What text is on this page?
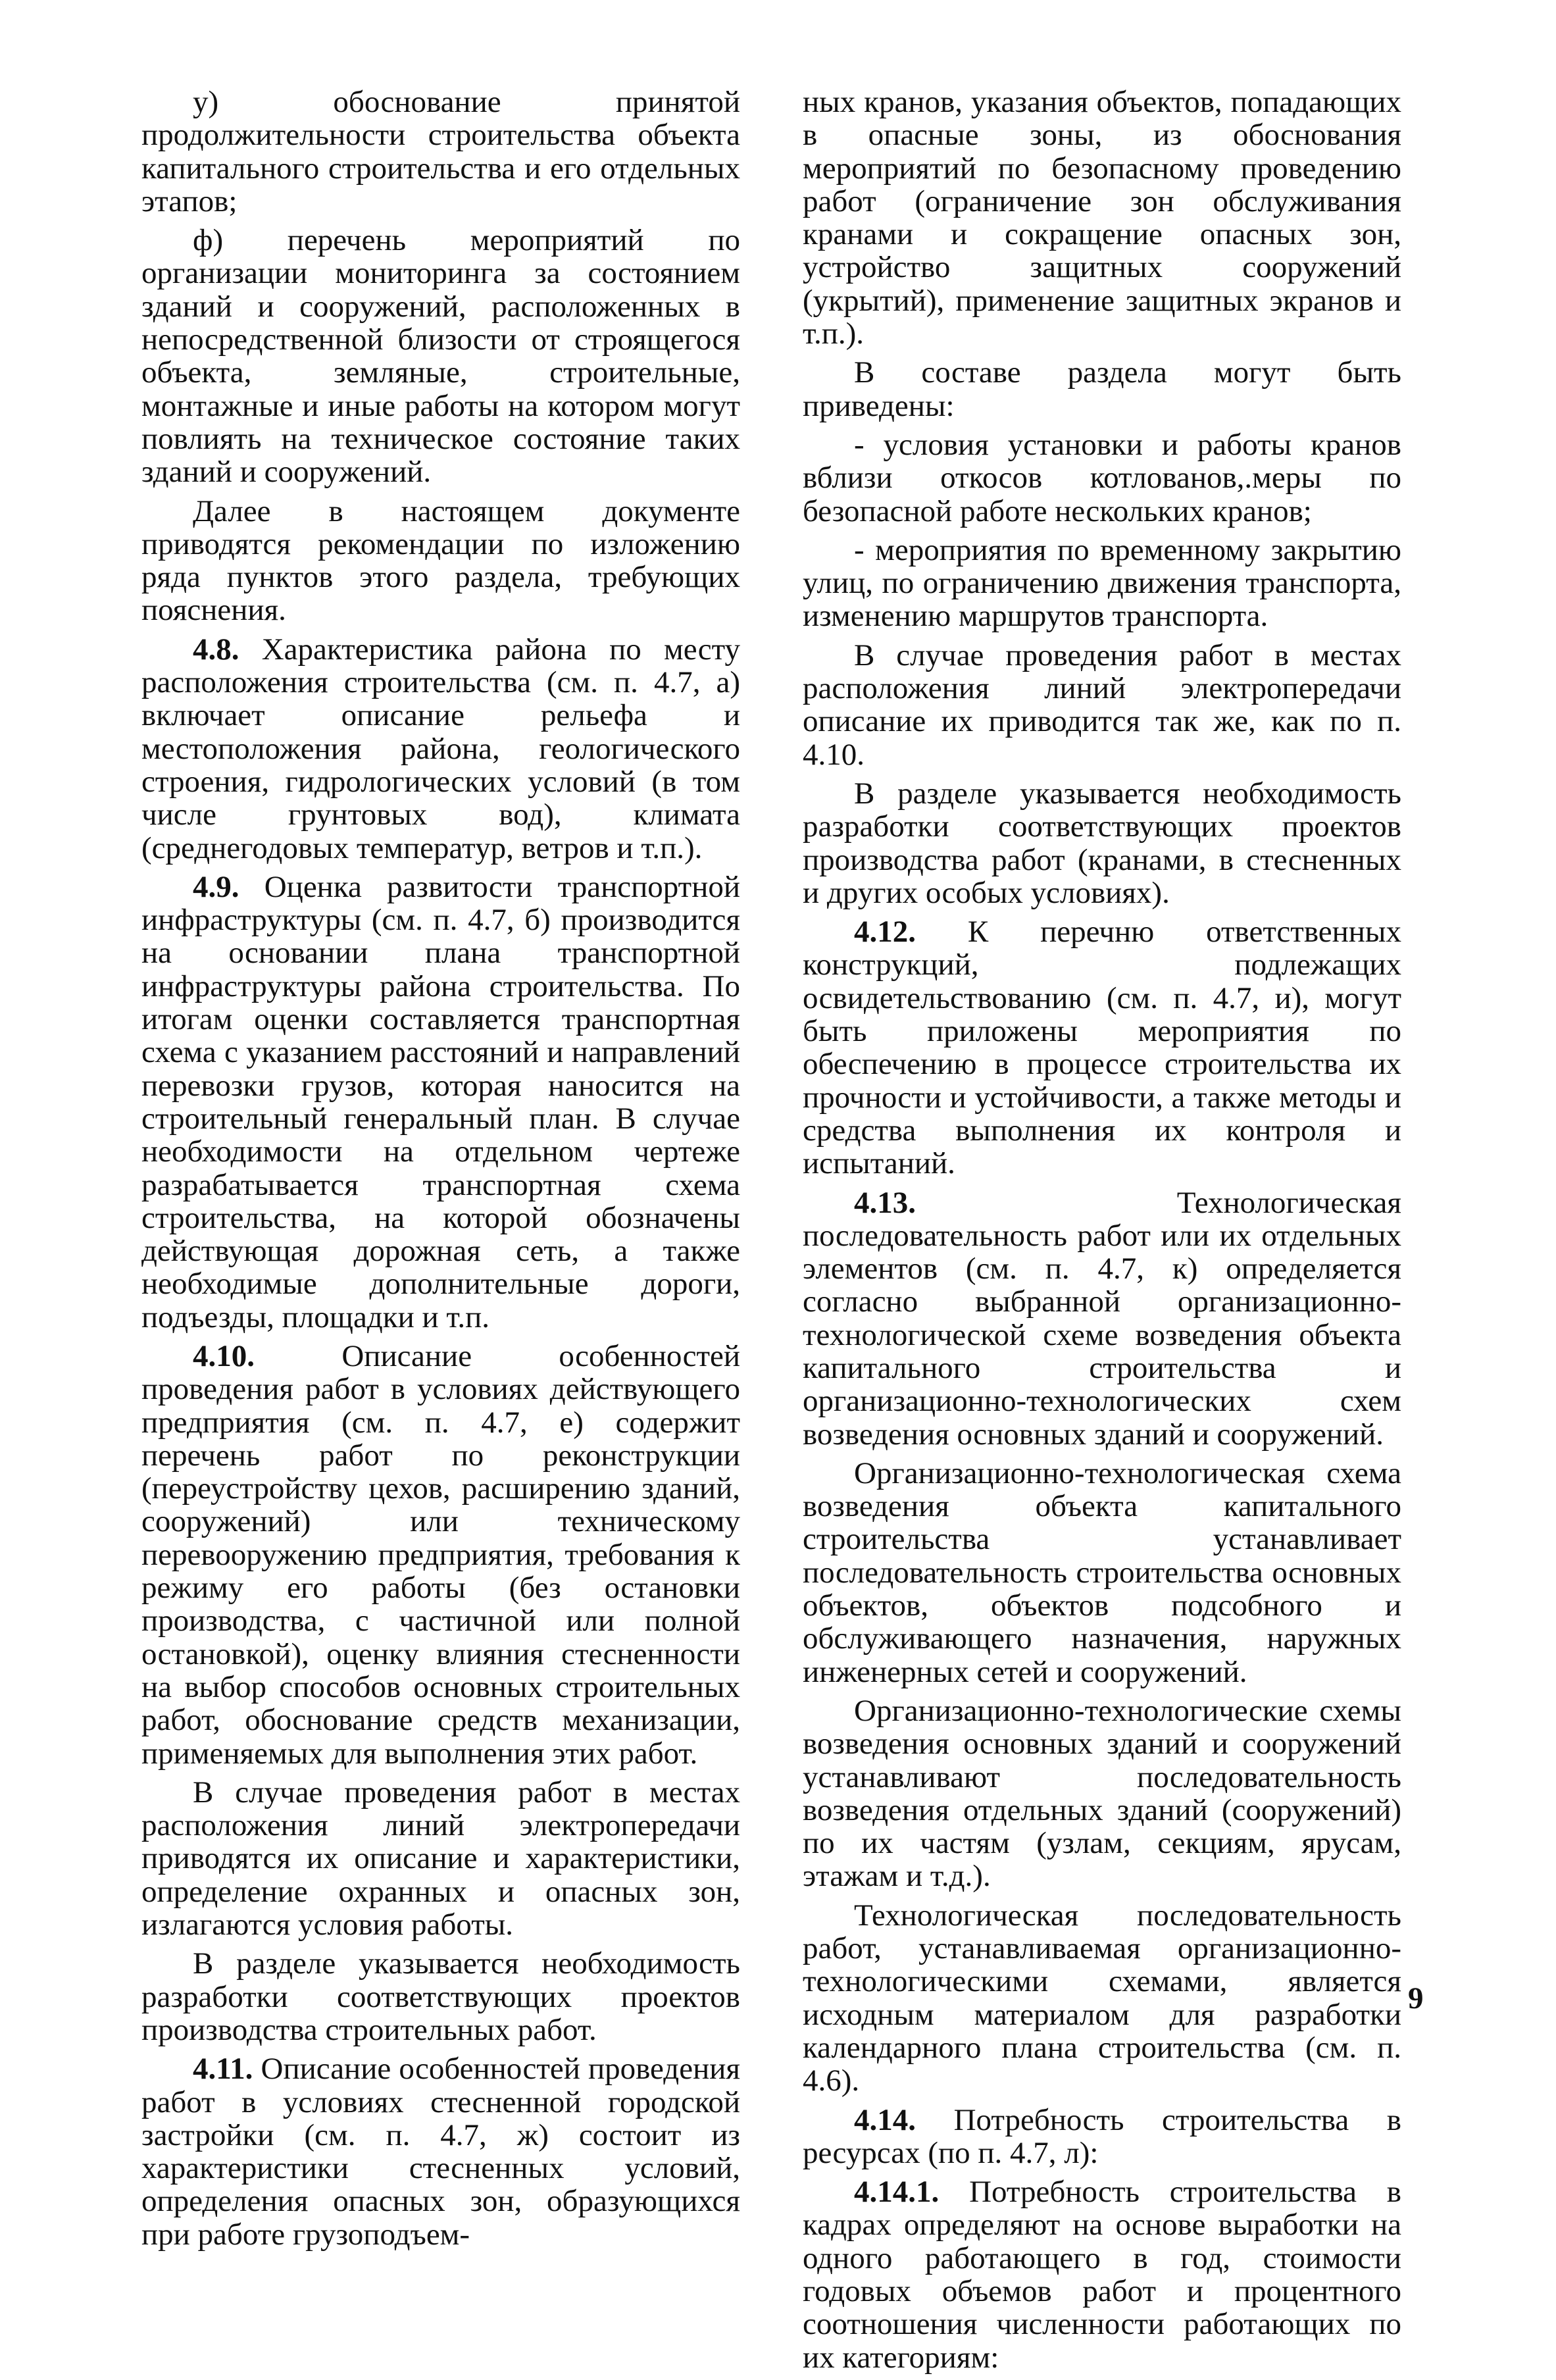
у) обоснование принятой продолжительности строительства объекта капитального строительства и его отдельных этапов;

ф) перечень мероприятий по организации мониторинга за состоянием зданий и сооружений, расположенных в непосредственной близости от строящегося объекта, земляные, строительные, монтажные и иные работы на котором могут повлиять на техническое состояние таких зданий и сооружений.

Далее в настоящем документе приводятся рекомендации по изложению ряда пунктов этого раздела, требующих пояснения.

4.8. Характеристика района по месту расположения строительства (см. п. 4.7, а) включает описание рельефа и местоположения района, геологического строения, гидрологических условий (в том числе грунтовых вод), климата (среднегодовых температур, ветров и т.п.).

4.9. Оценка развитости транспортной инфраструктуры (см. п. 4.7, б) производится на основании плана транспортной инфраструктуры района строительства. По итогам оценки составляется транспортная схема с указанием расстояний и направлений перевозки грузов, которая наносится на строительный генеральный план. В случае необходимости на отдельном чертеже разрабатывается транспортная схема строительства, на которой обозначены действующая дорожная сеть, а также необходимые дополнительные дороги, подъезды, площадки и т.п.

4.10.	Описание особенностей проведения работ в условиях действующего предприятия (см. п. 4.7, е) содержит перечень работ по реконструкции (переустройству цехов, расширению зданий, сооружений) или техническому перевооружению предприятия, требования к режиму его работы (без остановки производства, с частичной или полной остановкой), оценку влияния стесненности на выбор способов основных строительных работ, обоснование средств механизации, применяемых для выполнения этих работ.

В случае проведения работ в местах расположения линий электропередачи приводятся их описание и характеристики, определение охранных и опасных зон, излагаются условия работы.

В разделе указывается необходимость разработки соответствующих проектов производства строительных работ.

4.11. Описание особенностей проведения работ в условиях стесненной городской застройки (см. п. 4.7, ж) состоит из характеристики стесненных условий, определения опасных зон, образующихся при работе грузоподъем-

ных кранов, указания объектов, попадающих в опасные зоны, из обоснования мероприятий по безопасному проведению работ (ограничение зон обслуживания кранами и сокращение опасных зон, устройство защитных сооружений (укрытий), применение защитных экранов и т.п.).

В составе раздела могут быть приведены:

- условия установки и работы кранов вблизи откосов котлованов,.меры по безопасной работе нескольких кранов;

- мероприятия по временному закрытию улиц, по ограничению движения транспорта, изменению маршрутов транспорта.

В случае проведения работ в местах расположения линий электропередачи описание их приводится так же, как по п. 4.10.

В разделе указывается необходимость разработки соответствующих проектов производства работ (кранами, в стесненных и других особых условиях).

4.12. К перечню ответственных конструкций, подлежащих освидетельствованию (см. п. 4.7, и), могут быть приложены мероприятия по обеспечению в процессе строительства их прочности и устойчивости, а также методы и средства выполнения их контроля и испытаний.

4.13.	Технологическая последовательность работ или их отдельных элементов (см. п. 4.7, к) определяется согласно выбранной организационно-технологической схеме возведения объекта капитального строительства и организационно-технологических схем возведения основных зданий и сооружений.

Организационно-технологическая схема возведения объекта капитального строительства устанавливает последовательность строительства основных объектов, объектов подсобного и обслуживающего назначения, наружных инженерных сетей и сооружений.

Организационно-технологические схемы возведения основных зданий и сооружений устанавливают последовательность возведения отдельных зданий (сооружений) по их частям (узлам, секциям, ярусам, этажам и т.д.).

Технологическая последовательность работ, устанавливаемая организационно-технологическими схемами, является исходным материалом для разработки календарного плана строительства (см. п. 4.6).

4.14. Потребность строительства в ресурсах (по п. 4.7, л):

4.14.1. Потребность строительства в кадрах определяют на основе выработки на одного работающего в год, стоимости годовых объемов работ и процентного соотношения численности работающих по их категориям:

9
